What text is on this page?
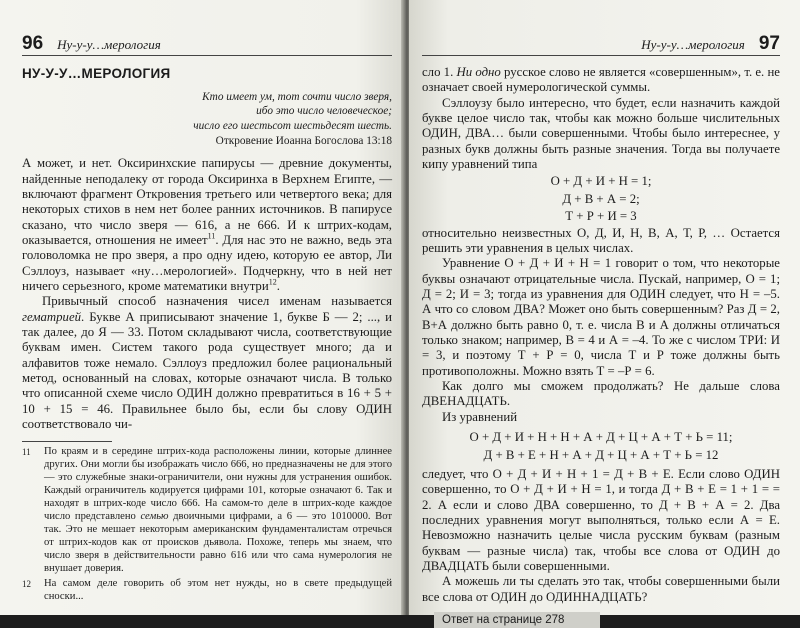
96 Ну-у-у…мерология
НУ-У-У…МЕРОЛОГИЯ
Кто имеет ум, тот сочти число зверя,
ибо это число человеческое;
число его шестьсот шестьдесят шесть.
Откровение Иоанна Богослова 13:18

А может, и нет. Оксиринхские папирусы — древние документы, найденные неподалеку от города Оксиринха в Верхнем Египте, — включают фрагмент Откровения третьего или четвертого века; для некоторых стихов в нем нет более ранних источников. В папирусе сказано, что число зверя — 616, а не 666. И к штрих-кодам, оказывается, отношения не имеет$^{11}$. Для нас это не важно, ведь эта головоломка не про зверя, а про одну идею, которую ее автор, Ли Сэллоуз, называет «ну…мерологией». Подчеркну, что в ней нет ничего серьезного, кроме математики внутри$^{12}$.

Привычный способ назначения чисел именам называется гематрией. Букве А приписывают значение 1, букве Б — 2; ..., и так далее, до Я — 33. Потом складывают числа, соответствующие буквам имен. Систем такого рода существует много; да и алфавитов тоже немало. Сэллоуз предложил более рациональный метод, основанный на словах, которые означают числа. В только что описанной схеме число ОДИН должно превратиться в 16 + 5 + 10 + 15 = 46. Правильнее было бы, если бы слову ОДИН соответствовало чи-

11	По краям и в середине штрих-кода расположены линии, которые длиннее других. Они могли бы изображать число 666, но предназначены не для этого — это служебные знаки-ограничители, они нужны для устранения ошибок. Каждый ограничитель кодируется цифрами 101, которые означают 6. Так и находят в штрих-коде число 666. На самом-то деле в штрих-коде каждое число представлено семью двоичными цифрами, а 6 — это 1010000. Вот так. Это не мешает некоторым американским фундаменталистам отречься от штрих-кодов как от происков дьявола. Похоже, теперь мы знаем, что число зверя в действительности равно 616 или что сама нумерология не внушает доверия.
12	На самом деле говорить об этом нет нужды, но в свете предыдущей сноски...
Ну-у-у…мерология 97

сло 1. Ни одно русское слово не является «совершенным», т. е. не означает своей нумерологической суммы.

Сэллоузу было интересно, что будет, если назначить каждой букве целое число так, чтобы как можно больше числительных ОДИН, ДВА… были совершенными. Чтобы было интереснее, у разных букв должны быть разные значения. Тогда вы получаете кипу уравнений типа

О + Д + И + Н = 1;
Д + В + А = 2;
Т + Р + И = 3

относительно неизвестных О, Д, И, Н, В, А, Т, Р, … Остается решить эти уравнения в целых числах.

Уравнение О + Д + И + Н = 1 говорит о том, что некоторые буквы означают отрицательные числа. Пускай, например, О = 1; Д = 2; И = 3; тогда из уравнения для ОДИН следует, что Н = –5. А что со словом ДВА? Может оно быть совершенным? Раз Д = 2, В+А должно быть равно 0, т. е. числа В и А должны отличаться только знаком; например, В = 4 и А = –4. То же с числом ТРИ: И = 3, и поэтому Т + Р = 0, числа Т и Р тоже должны быть противоположны. Можно взять Т = –Р = 6.

Как долго мы сможем продолжать? Не дальше слова ДВЕНАДЦАТЬ.

Из уравнений

О + Д + И + Н + Н + А + Д + Ц + А + Т + Ь = 11;
Д + В + Е + Н + А + Д + Ц + А + Т + Ь = 12

следует, что О + Д + И + Н + 1 = Д + В + Е. Если слово ОДИН совершенно, то О + Д + И + Н = 1, и тогда Д + В + Е = 1 + 1 = = 2. А если и слово ДВА совершенно, то Д + В + А = 2. Два последних уравнения могут выполняться, только если А = Е. Невозможно назначить целые числа русским буквам (разным буквам — разные числа) так, чтобы все слова от ОДИН до ДВАДЦАТЬ были совершенными.

А можешь ли ты сделать это так, чтобы совершенными были все слова от ОДИН до ОДИННАДЦАТЬ?

Ответ на странице 278
